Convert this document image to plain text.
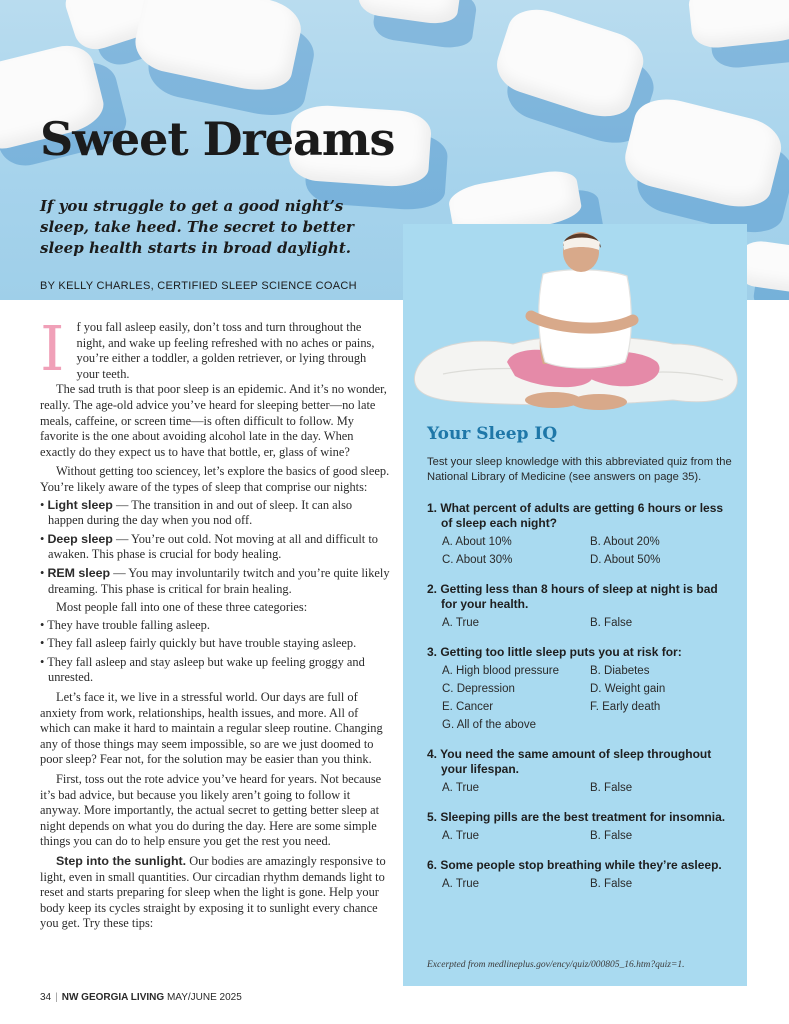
Sweet Dreams

If you struggle to get a good night’s sleep, take heed. The secret to better sleep health starts in broad daylight.

BY KELLY CHARLES, CERTIFIED SLEEP SCIENCE COACH

If you fall asleep easily, don’t toss and turn throughout the night, and wake up feeling refreshed with no aches or pains, you’re either a toddler, a golden retriever, or lying through your teeth.

The sad truth is that poor sleep is an epidemic. And it’s no wonder, really. The age-old advice you’ve heard for sleeping better—no late meals, caffeine, or screen time—is often difficult to follow. My favorite is the one about avoiding alcohol late in the day. When exactly do they expect us to have that bottle, er, glass of wine?

Without getting too sciencey, let’s explore the basics of good sleep. You’re likely aware of the types of sleep that comprise our nights:

• Light sleep — The transition in and out of sleep. It can also happen during the day when you nod off.
• Deep sleep — You’re out cold. Not moving at all and difficult to awaken. This phase is crucial for body healing.
• REM sleep — You may involuntarily twitch and you’re quite likely dreaming. This phase is critical for brain healing.

Most people fall into one of these three categories:

• They have trouble falling asleep.
• They fall asleep fairly quickly but have trouble staying asleep.
• They fall asleep and stay asleep but wake up feeling groggy and unrested.

Let’s face it, we live in a stressful world. Our days are full of anxiety from work, relationships, health issues, and more. All of which can make it hard to maintain a regular sleep routine. Changing any of those things may seem impossible, so are we just doomed to poor sleep? Fear not, for the solution may be easier than you think.

First, toss out the rote advice you’ve heard for years. Not because it’s bad advice, but because you likely aren’t going to follow it anyway. More importantly, the actual secret to getting better sleep at night depends on what you do during the day. Here are some simple things you can do to help ensure you get the rest you need.

Step into the sunlight. Our bodies are amazingly responsive to light, even in small quantities. Our circadian rhythm demands light to reset and starts preparing for sleep when the light is gone. Help your body keep its cycles straight by exposing it to sunlight every chance you get. Try these tips:

Your Sleep IQ

Test your sleep knowledge with this abbreviated quiz from the National Library of Medicine (see answers on page 35).

1. What percent of adults are getting 6 hours or less of sleep each night?

A. About 10%	B. About 20%
C. About 30%	D. About 50%

2. Getting less than 8 hours of sleep at night is bad for your health.

A. True	B. False

3. Getting too little sleep puts you at risk for:

A. High blood pressure	B. Diabetes
C. Depression	D. Weight gain
E. Cancer	F. Early death
G. All of the above

4. You need the same amount of sleep throughout your lifespan.

A. True	B. False

5. Sleeping pills are the best treatment for insomnia.

A. True	B. False

6. Some people stop breathing while they’re asleep.

A. True	B. False

Excerpted from medlineplus.gov/ency/quiz/000805_16.htm?quiz=1.

34 | NW GEORGIA LIVING MAY/JUNE 2025
